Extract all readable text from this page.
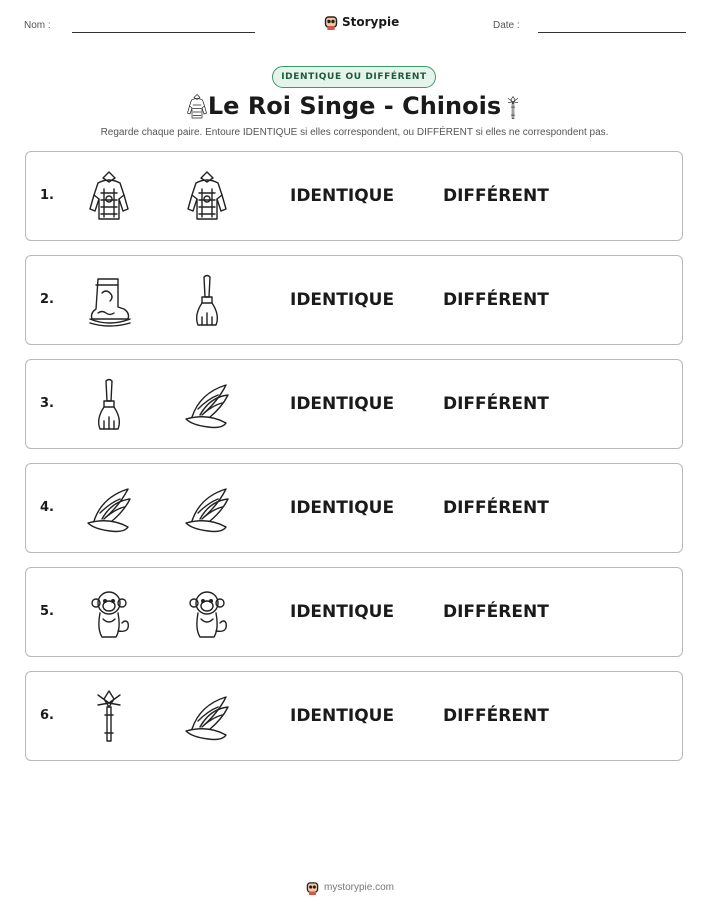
Nom :	Storypie	Date :
IDENTIQUE OU DIFFÉRENT
Le Roi Singe - Chinois
Regarde chaque paire. Entoure IDENTIQUE si elles correspondent, ou DIFFÉRENT si elles ne correspondent pas.
1.	IDENTIQUE	DIFFÉRENT
2.	IDENTIQUE	DIFFÉRENT
3.	IDENTIQUE	DIFFÉRENT
4.	IDENTIQUE	DIFFÉRENT
5.	IDENTIQUE	DIFFÉRENT
6.	IDENTIQUE	DIFFÉRENT
mystorypie.com
